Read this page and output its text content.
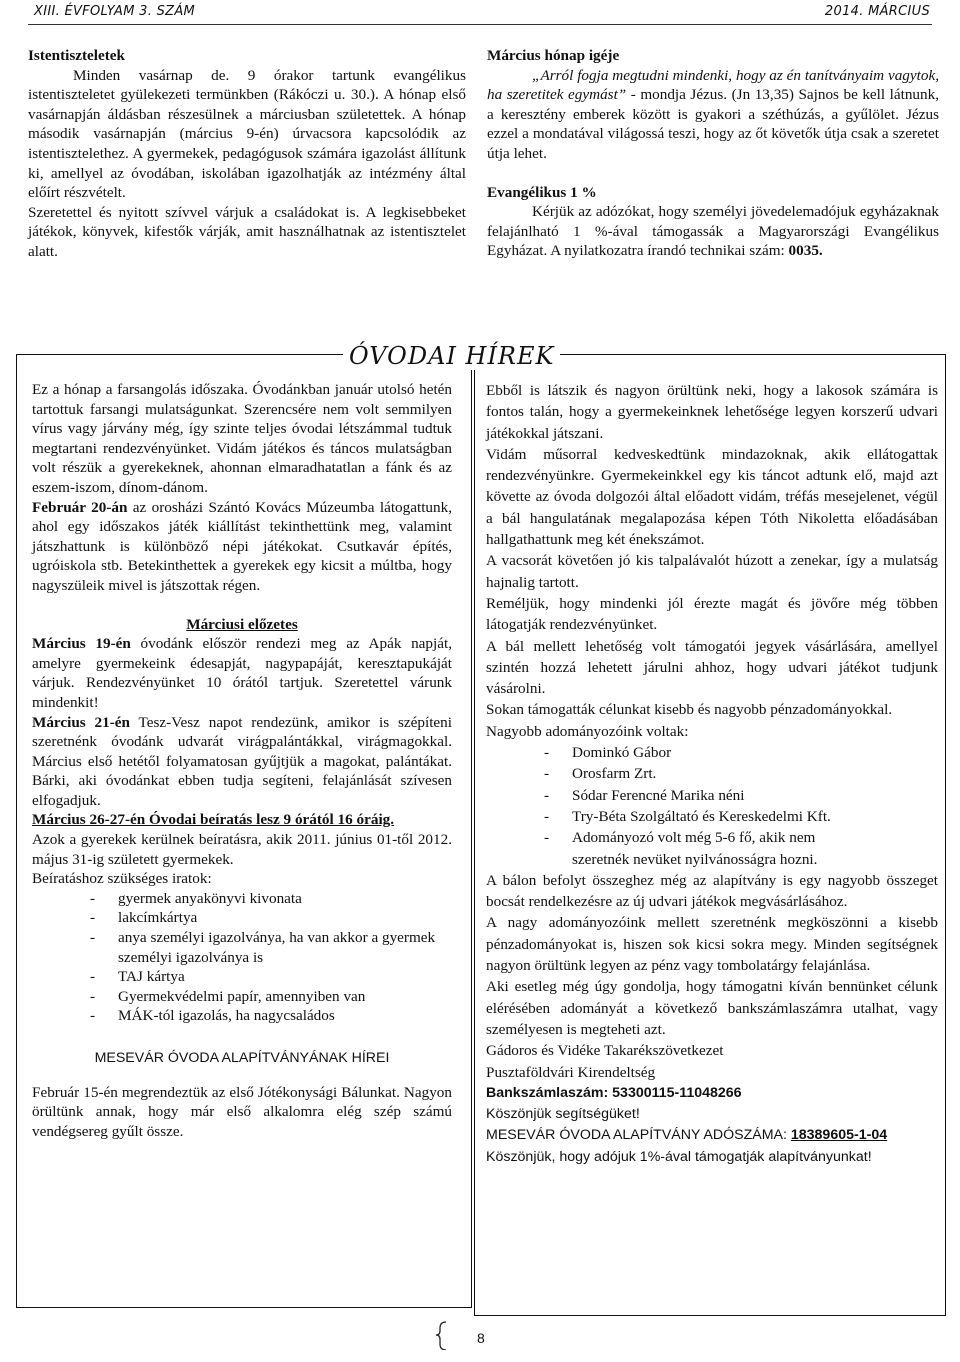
XIII. ÉVFOLYAM 3. SZÁM	2014. MÁRCIUS

Istentiszteletek

Minden vasárnap de. 9 órakor tartunk evangélikus istentiszteletet gyülekezeti termünkben (Rákóczi u. 30.). A hónap első vasárnapján áldásban részesülnek a márciusban születettek. A hónap második vasárnapján (március 9-én) úrvacsora kapcsolódik az istentisztelethez. A gyermekek, pedagógusok számára igazolást állítunk ki, amellyel az óvodában, iskolában igazolhatják az intézmény által előírt részvételt.

Szeretettel és nyitott szívvel várjuk a családokat is. A legkisebbeket játékok, könyvek, kifestők várják, amit használhatnak az istentisztelet alatt.

Március hónap igéje

„Arról fogja megtudni mindenki, hogy az én tanítványaim vagytok, ha szeretitek egymást” - mondja Jézus. (Jn 13,35) Sajnos be kell látnunk, a keresztény emberek között is gyakori a széthúzás, a gyűlölet. Jézus ezzel a mondatával világossá teszi, hogy az őt követők útja csak a szeretet útja lehet.

Evangélikus 1 %

Kérjük az adózókat, hogy személyi jövedelemadójuk egyházaknak felajánlható 1 %-ával támogassák a Magyarországi Evangélikus Egyházat. A nyilatkozatra írandó technikai szám: 0035.

ÓVODAI HÍREK

Ez a hónap a farsangolás időszaka. Óvodánkban január utolsó hetén tartottuk farsangi mulatságunkat. Szerencsére nem volt semmilyen vírus vagy járvány még, így szinte teljes óvodai létszámmal tudtuk megtartani rendezvényünket. Vidám játékos és táncos mulatságban volt részük a gyerekeknek, ahonnan elmaradhatatlan a fánk és az eszem-iszom, dínom-dánom.

Február 20-án az orosházi Szántó Kovács Múzeumba látogattunk, ahol egy időszakos játék kiállítást tekinthettünk meg, valamint játszhattunk is különböző népi játékokat. Csutkavár építés, ugróiskola stb. Betekinthettek a gyerekek egy kicsit a múltba, hogy nagyszüleik mivel is játszottak régen.

Márciusi előzetes

Március 19-én óvodánk először rendezi meg az Apák napját, amelyre gyermekeink édesapját, nagypapáját, keresztapukáját várjuk. Rendezvényünket 10 órától tartjuk. Szeretettel várunk mindenkit!

Március 21-én Tesz-Vesz napot rendezünk, amikor is szépíteni szeretnénk óvodánk udvarát virágpalántákkal, virágmagokkal. Március első hetétől folyamatosan gyűjtjük a magokat, palántákat. Bárki, aki óvodánkat ebben tudja segíteni, felajánlását szívesen elfogadjuk.

Március 26-27-én Óvodai beíratás lesz 9 órától 16 óráig.

Azok a gyerekek kerülnek beíratásra, akik 2011. június 01-től 2012. május 31-ig született gyermekek.

Beíratáshoz szükséges iratok:

-	gyermek anyakönyvi kivonata
-	lakcímkártya
-	anya személyi igazolványa, ha van akkor a gyermek személyi igazolványa is
-	TAJ kártya
-	Gyermekvédelmi papír, amennyiben van
-	MÁK-tól igazolás, ha nagycsaládos

MESEVÁR ÓVODA ALAPÍTVÁNYÁNAK HÍREI

Február 15-én megrendeztük az első Jótékonysági Bálunkat. Nagyon örültünk annak, hogy már első alkalomra elég szép számú vendégsereg gyűlt össze.

Ebből is látszik és nagyon örültünk neki, hogy a lakosok számára is fontos talán, hogy a gyermekeinknek lehetősége legyen korszerű udvari játékokkal játszani.

Vidám műsorral kedveskedtünk mindazoknak, akik ellátogattak rendezvényünkre. Gyermekeinkkel egy kis táncot adtunk elő, majd azt követte az óvoda dolgozói által előadott vidám, tréfás mesejelenet, végül a bál hangulatának megalapozása képen Tóth Nikoletta előadásában hallgathattunk meg két énekszámot.

A vacsorát követően jó kis talpalávalót húzott a zenekar, így a mulatság hajnalig tartott.

Reméljük, hogy mindenki jól érezte magát és jövőre még többen látogatják rendezvényünket.

A bál mellett lehetőség volt támogatói jegyek vásárlására, amellyel szintén hozzá lehetett járulni ahhoz, hogy udvari játékot tudjunk vásárolni.

Sokan támogatták célunkat kisebb és nagyobb pénzadományokkal.

Nagyobb adományozóink voltak:

-	Dominkó Gábor
-	Orosfarm Zrt.
-	Sódar Ferencné Marika néni
-	Try-Béta Szolgáltató és Kereskedelmi Kft.
-	Adományozó volt még 5-6 fő, akik nem szeretnék nevüket nyilvánosságra hozni.

A bálon befolyt összeghez még az alapítvány is egy nagyobb összeget bocsát rendelkezésre az új udvari játékok megvásárlásához.

A nagy adományozóink mellett szeretnénk megköszönni a kisebb pénzadományokat is, hiszen sok kicsi sokra megy. Minden segítségnek nagyon örültünk legyen az pénz vagy tombolatárgy felajánlása.

Aki esetleg még úgy gondolja, hogy támogatni kíván bennünket célunk elérésében adományát a következő bankszámlaszámra utalhat, vagy személyesen is megteheti azt.

Gádoros és Vidéke Takarékszövetkezet

Pusztaföldvári Kirendeltség

Bankszámlaszám: 53300115-11048266

Köszönjük segítségüket!

MESEVÁR ÓVODA ALAPÍTVÁNY ADÓSZÁMA: 18389605-1-04

Köszönjük, hogy adójuk 1%-ával támogatják alapítványunkat!

8
